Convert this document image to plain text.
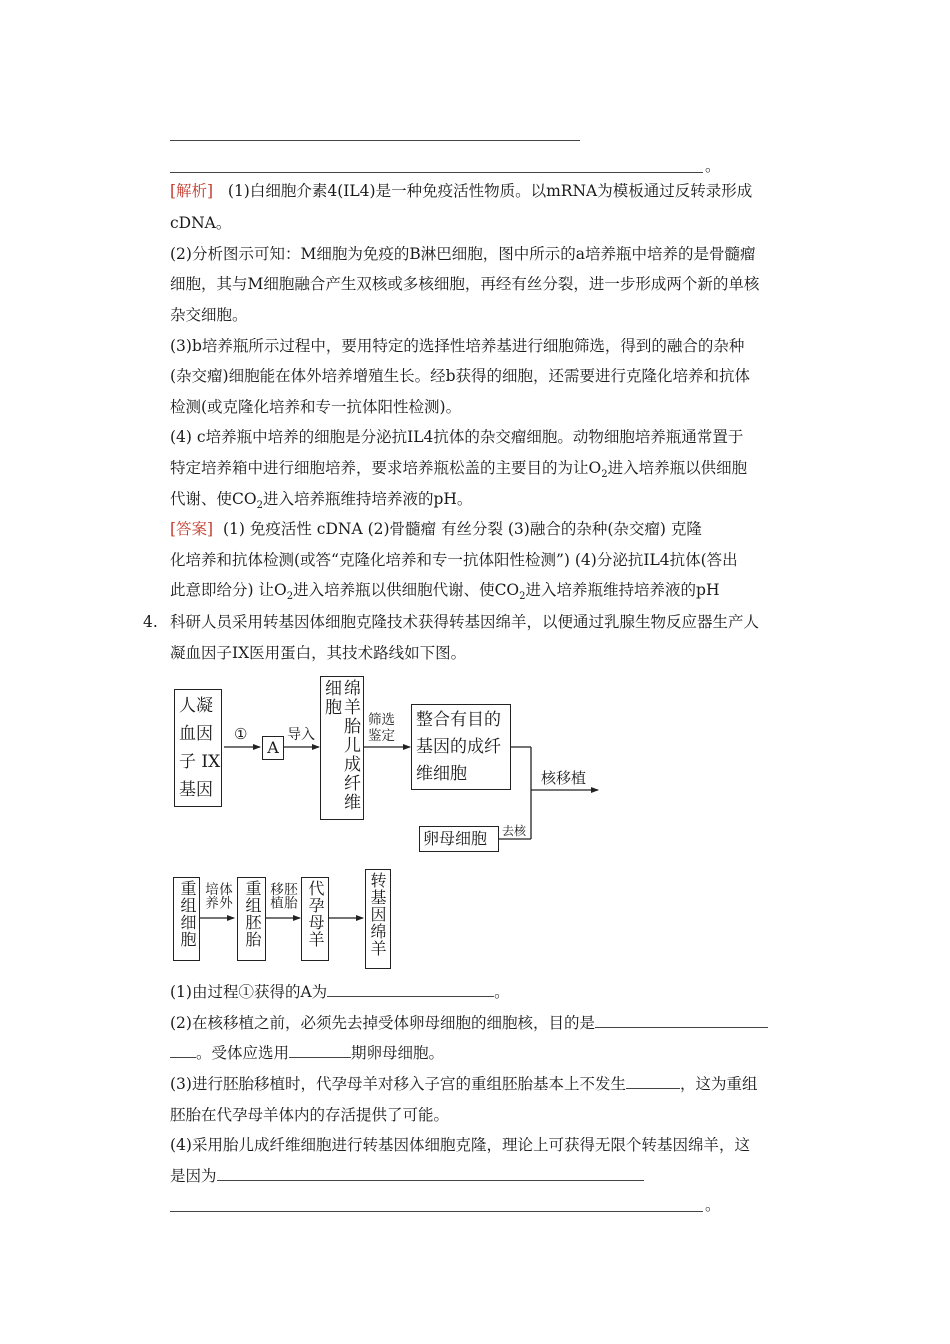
。
[解析] (1)白细胞介素4(IL4)是一种免疫活性物质。以mRNA为模板通过反转录形成
cDNA。
(2)分析图示可知：M细胞为免疫的B淋巴细胞，图中所示的a培养瓶中培养的是骨髓瘤
细胞，其与M细胞融合产生双核或多核细胞，再经有丝分裂，进一步形成两个新的单核
杂交细胞。
(3)b培养瓶所示过程中，要用特定的选择性培养基进行细胞筛选，得到的融合的杂种
(杂交瘤)细胞能在体外培养增殖生长。经b获得的细胞，还需要进行克隆化培养和抗体
检测(或克隆化培养和专一抗体阳性检测)。
(4) c培养瓶中培养的细胞是分泌抗IL4抗体的杂交瘤细胞。动物细胞培养瓶通常置于
特定培养箱中进行细胞培养，要求培养瓶松盖的主要目的为让$O_2$进入培养瓶以供细胞
代谢、使$CO_2$进入培养瓶维持培养液的pH。
[答案] (1) 免疫活性 cDNA (2)骨髓瘤 有丝分裂 (3)融合的杂种(杂交瘤) 克隆
化培养和抗体检测(或答“克隆化培养和专一抗体阳性检测”) (4)分泌抗IL4抗体(答出
此意即给分) 让$O_2$进入培养瓶以供细胞代谢、使$CO_2$进入培养瓶维持培养液的pH
4. 科研人员采用转基因体细胞克隆技术获得转基因绵羊，以便通过乳腺生物反应器生产人
凝血因子IX医用蛋白，其技术路线如下图。
人凝
血因
子 IX
基因
①
A
导入	绵羊胎儿成纤维细胞
筛选
鉴定
整合有目的
基因的成纤
维细胞	核移植
卵母细胞	去核
重组细胞	体外培养	重组胚胎	胚胎移植	代孕母羊	转基因绵羊
(1)由过程①获得的A为	。
(2)在核移植之前，必须先去掉受体卵母细胞的细胞核，目的是
。受体应选用	期卵母细胞。
(3)进行胚胎移植时，代孕母羊对移入子宫的重组胚胎基本上不发生	，这为重组
胚胎在代孕母羊体内的存活提供了可能。
(4)采用胎儿成纤维细胞进行转基因体细胞克隆，理论上可获得无限个转基因绵羊，这
是因为
。
